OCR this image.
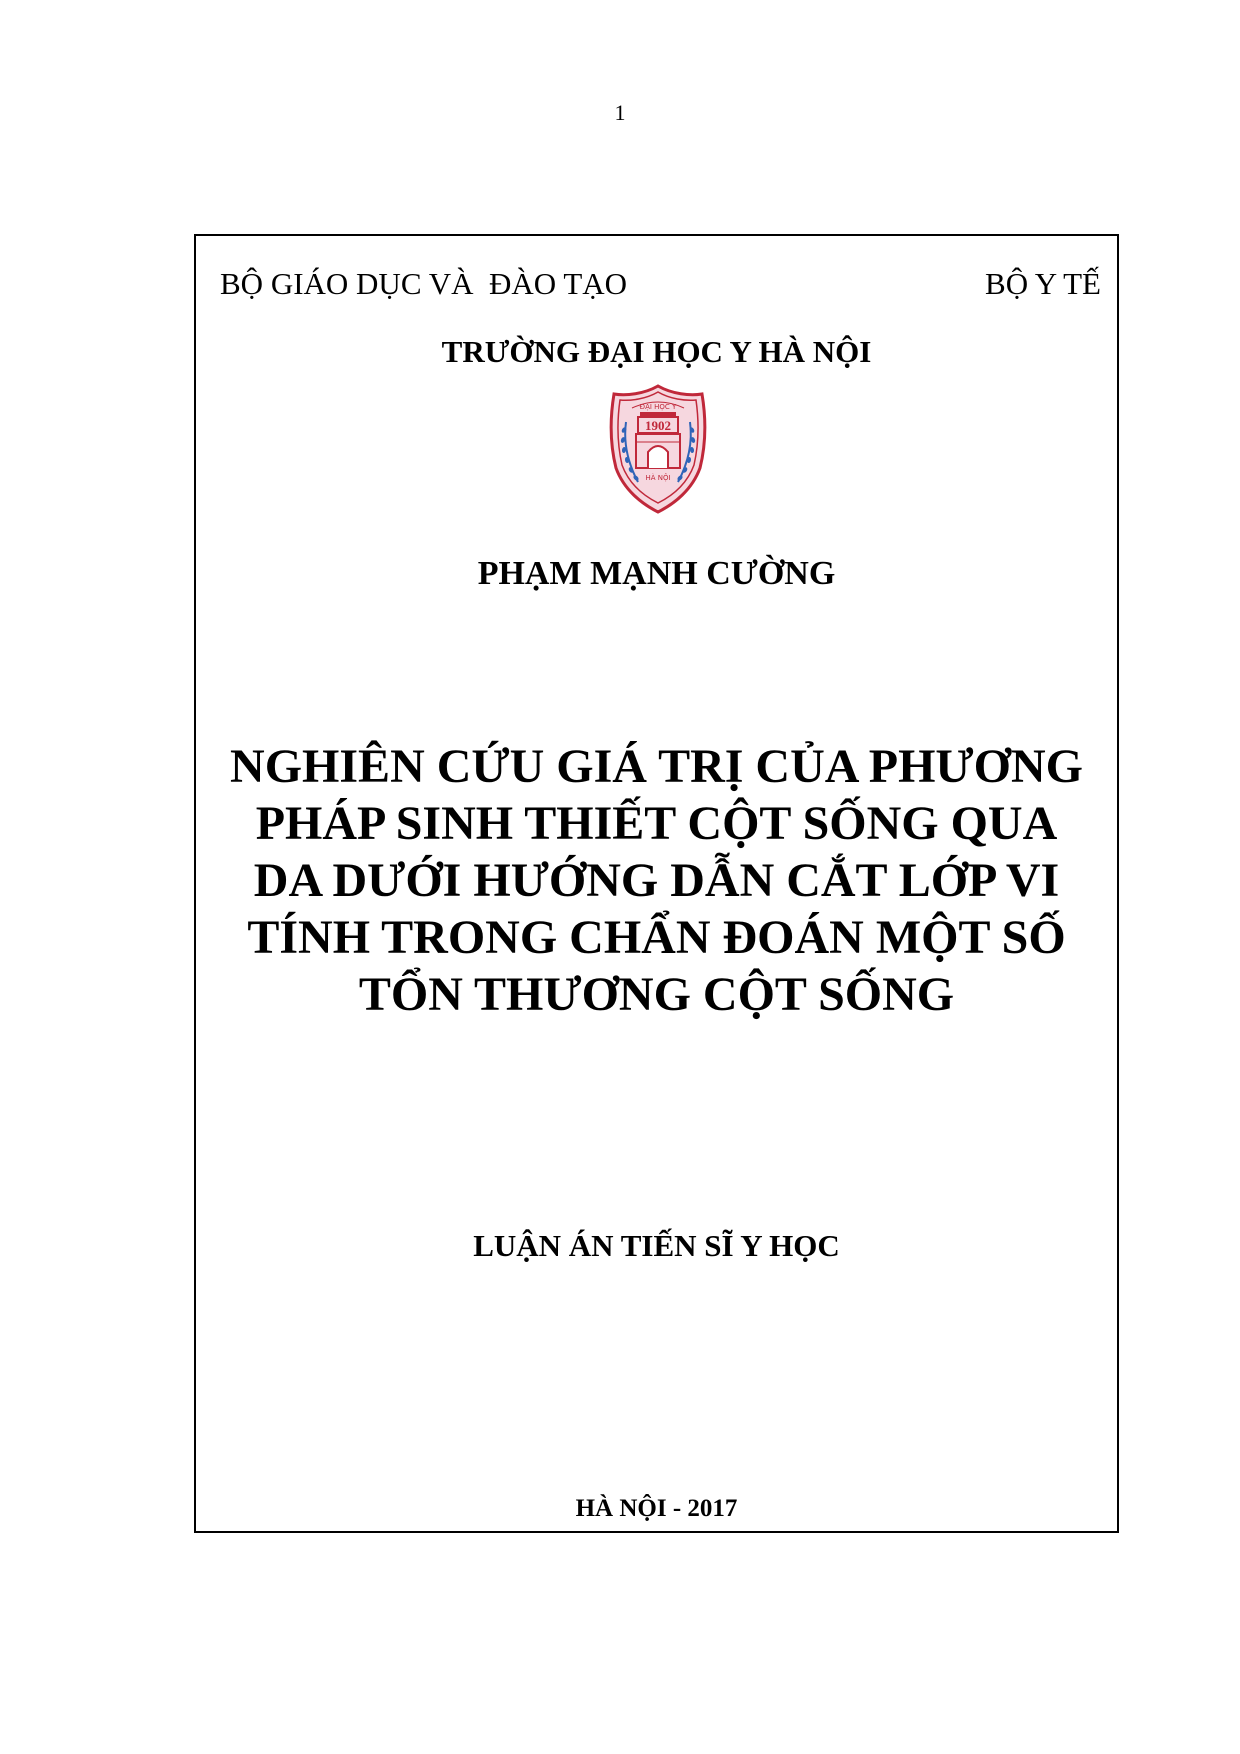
1
BỘ GIÁO DỤC VÀ  ĐÀO TẠO	BỘ Y TẾ
TRƯỜNG ĐẠI HỌC Y HÀ NỘI
ĐẠI HỌC Y
1902
HÀ NỘI
PHẠM MẠNH CƯỜNG
NGHIÊN CỨU GIÁ TRỊ CỦA PHƯƠNG
PHÁP SINH THIẾT CỘT SỐNG QUA
DA DƯỚI HƯỚNG DẪN CẮT LỚP VI
TÍNH TRONG CHẨN ĐOÁN MỘT SỐ
TỔN THƯƠNG CỘT SỐNG
LUẬN ÁN TIẾN SĨ Y HỌC
HÀ NỘI - 2017
